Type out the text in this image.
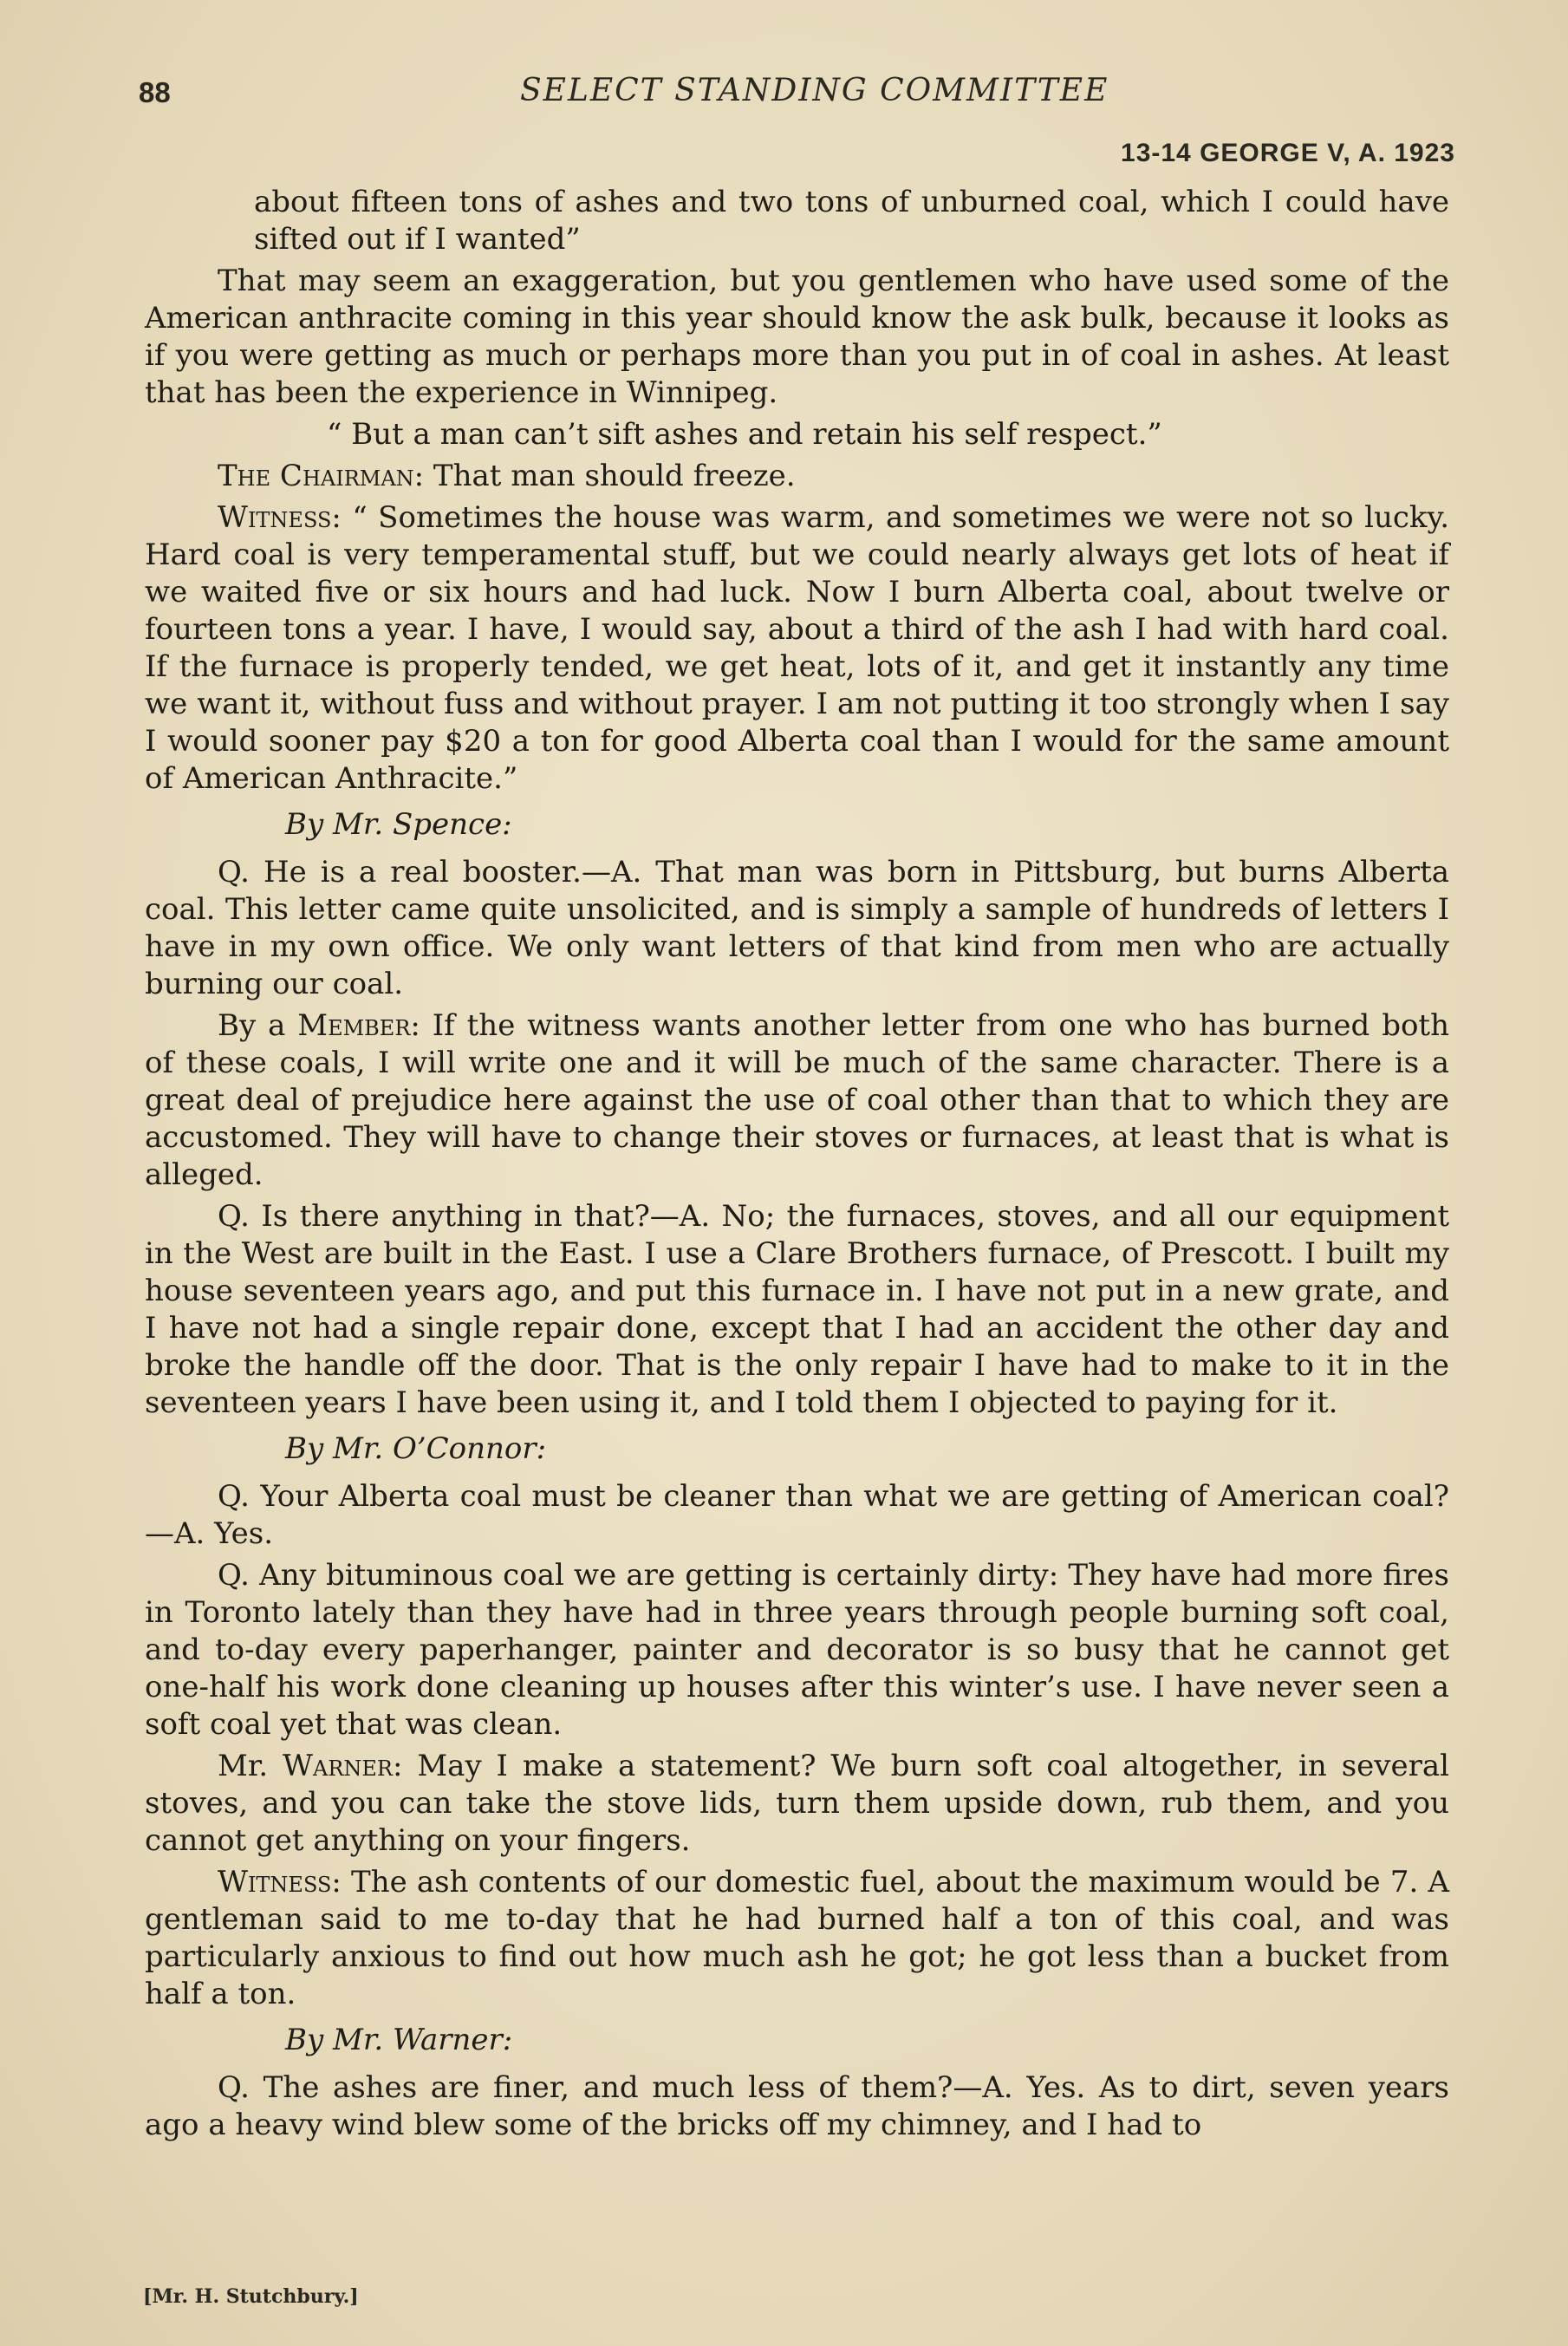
88	SELECT STANDING COMMITTEE
13-14 GEORGE V, A. 1923

about fifteen tons of ashes and two tons of unburned coal, which I could have sifted out if I wanted”

That may seem an exaggeration, but you gentlemen who have used some of the American anthracite coming in this year should know the ask bulk, because it looks as if you were getting as much or perhaps more than you put in of coal in ashes. At least that has been the experience in Winnipeg.

“ But a man can’t sift ashes and retain his self respect.”

The Chairman: That man should freeze.

Witness: “ Sometimes the house was warm, and sometimes we were not so lucky. Hard coal is very temperamental stuff, but we could nearly always get lots of heat if we waited five or six hours and had luck. Now I burn Alberta coal, about twelve or fourteen tons a year. I have, I would say, about a third of the ash I had with hard coal. If the furnace is properly tended, we get heat, lots of it, and get it instantly any time we want it, without fuss and without prayer. I am not putting it too strongly when I say I would sooner pay $20 a ton for good Alberta coal than I would for the same amount of American Anthracite.”

By Mr. Spence:

Q. He is a real booster.—A. That man was born in Pittsburg, but burns Alberta coal. This letter came quite unsolicited, and is simply a sample of hundreds of letters I have in my own office. We only want letters of that kind from men who are actually burning our coal.

By a Member: If the witness wants another letter from one who has burned both of these coals, I will write one and it will be much of the same character. There is a great deal of prejudice here against the use of coal other than that to which they are accustomed. They will have to change their stoves or furnaces, at least that is what is alleged.

Q. Is there anything in that?—A. No; the furnaces, stoves, and all our equipment in the West are built in the East. I use a Clare Brothers furnace, of Prescott. I built my house seventeen years ago, and put this furnace in. I have not put in a new grate, and I have not had a single repair done, except that I had an accident the other day and broke the handle off the door. That is the only repair I have had to make to it in the seventeen years I have been using it, and I told them I objected to paying for it.

By Mr. O’Connor:

Q. Your Alberta coal must be cleaner than what we are getting of American coal?—A. Yes.

Q. Any bituminous coal we are getting is certainly dirty: They have had more fires in Toronto lately than they have had in three years through people burning soft coal, and to-day every paperhanger, painter and decorator is so busy that he cannot get one-half his work done cleaning up houses after this winter’s use. I have never seen a soft coal yet that was clean.

Mr. Warner: May I make a statement? We burn soft coal altogether, in several stoves, and you can take the stove lids, turn them upside down, rub them, and you cannot get anything on your fingers.

Witness: The ash contents of our domestic fuel, about the maximum would be 7. A gentleman said to me to-day that he had burned half a ton of this coal, and was particularly anxious to find out how much ash he got; he got less than a bucket from half a ton.

By Mr. Warner:

Q. The ashes are finer, and much less of them?—A. Yes. As to dirt, seven years ago a heavy wind blew some of the bricks off my chimney, and I had to

[Mr. H. Stutchbury.]
